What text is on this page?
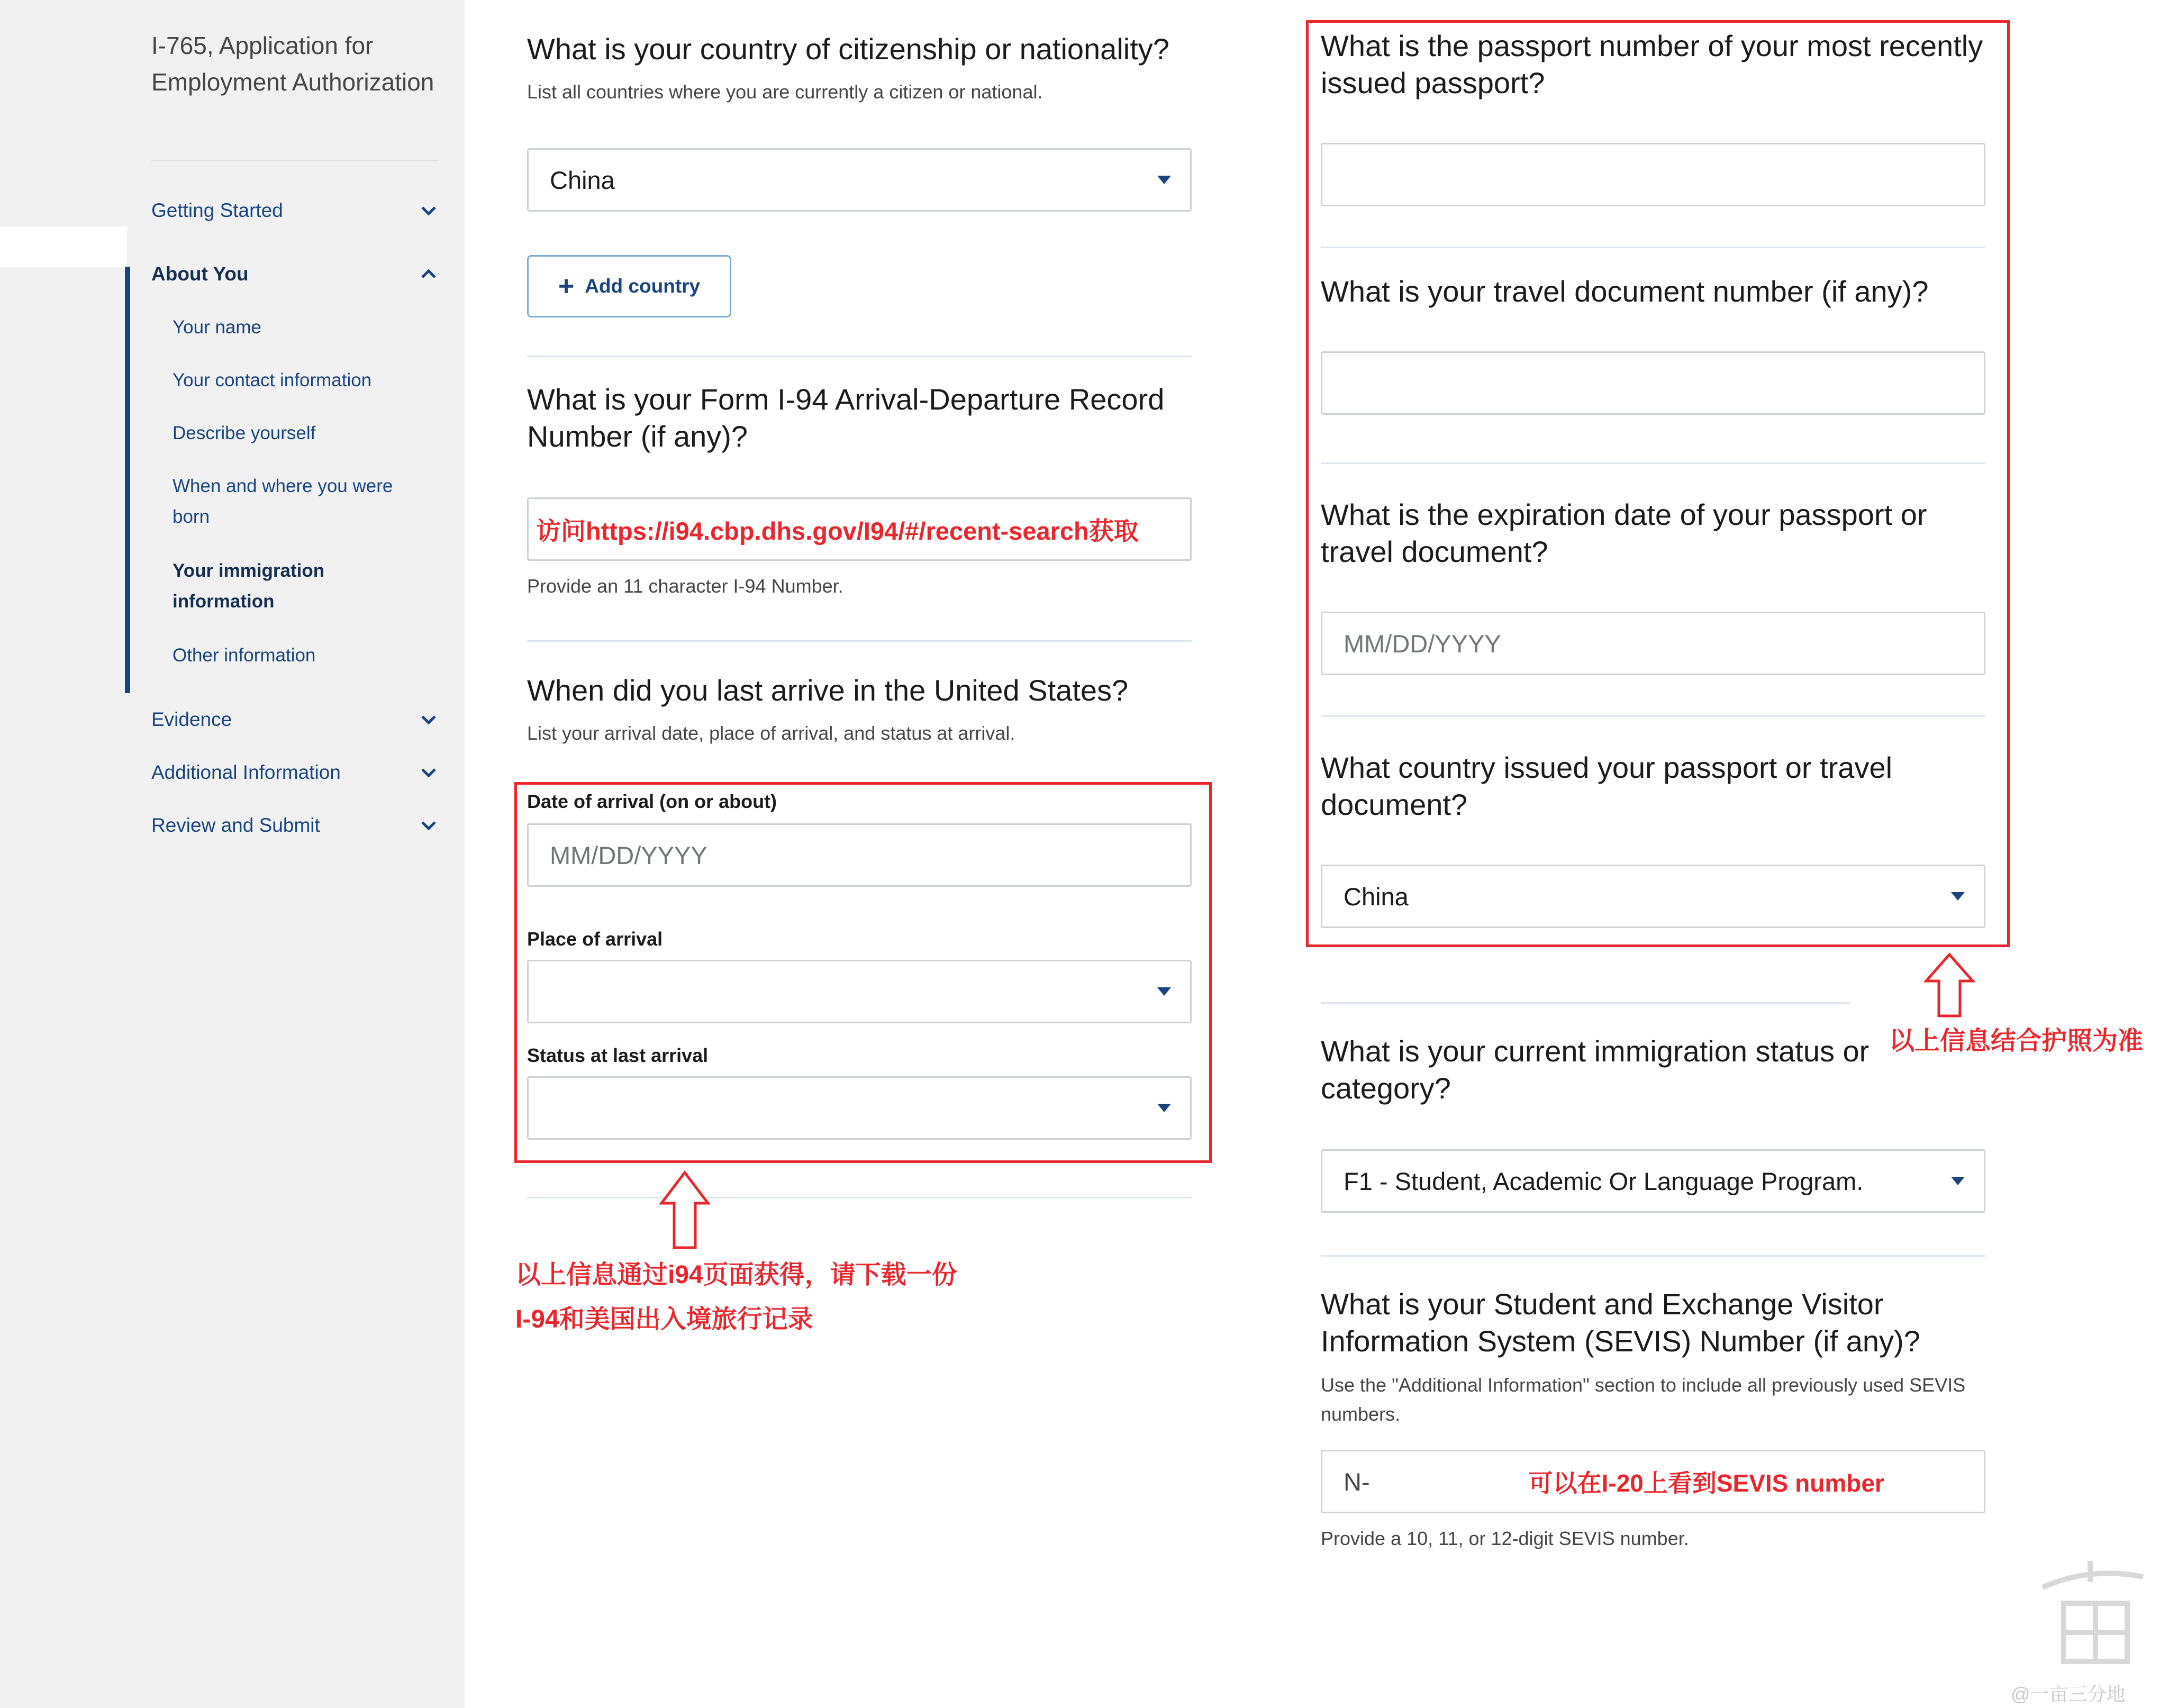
I-765, Application for Employment Authorization
Getting Started
About You
Your name
Your contact information
Describe yourself
When and where you were born
Your immigration information
Other information
Evidence
Additional Information
Review and Submit
What is your country of citizenship or nationality?
List all countries where you are currently a citizen or national.
China
+ Add country
What is your Form I-94 Arrival-Departure Record Number (if any)?
访问https://i94.cbp.dhs.gov/I94/#/recent-search获取
Provide an 11 character I-94 Number.
When did you last arrive in the United States?
List your arrival date, place of arrival, and status at arrival.
Date of arrival (on or about)
MM/DD/YYYY
Place of arrival
Status at last arrival
以上信息通过i94页面获得，请下载一份
I-94和美国出入境旅行记录
What is the passport number of your most recently issued passport?
What is your travel document number (if any)?
What is the expiration date of your passport or travel document?
MM/DD/YYYY
What country issued your passport or travel document?
China
以上信息结合护照为准
What is your current immigration status or category?
F1 - Student, Academic Or Language Program.
What is your Student and Exchange Visitor Information System (SEVIS) Number (if any)?
Use the "Additional Information" section to include all previously used SEVIS numbers.
N-	可以在I-20上看到SEVIS number
Provide a 10, 11, or 12-digit SEVIS number.
@一亩三分地
